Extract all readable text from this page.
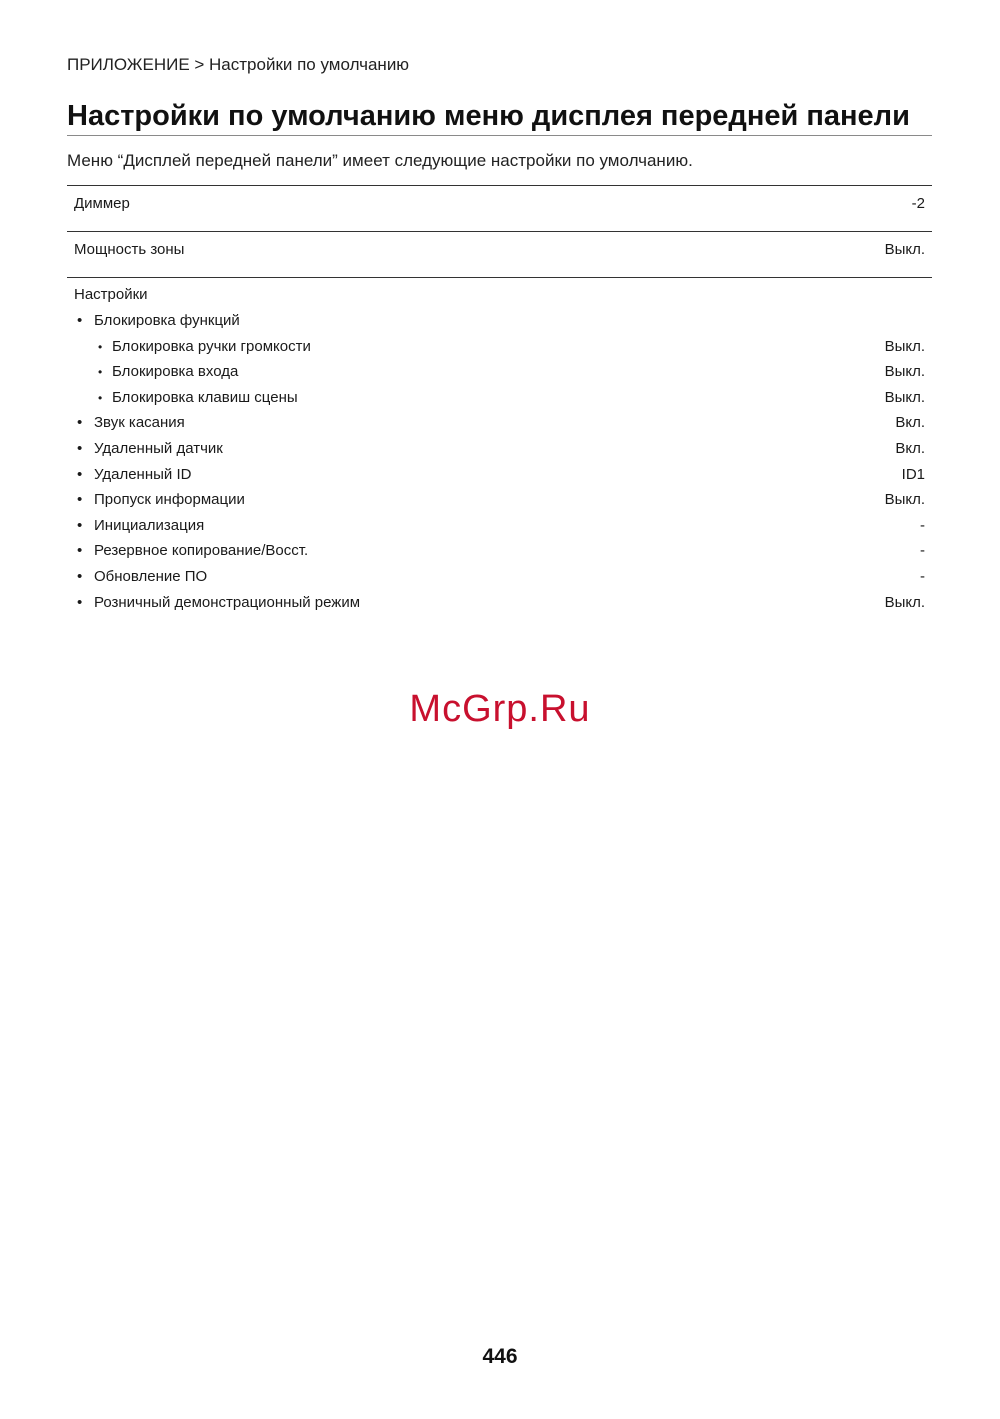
ПРИЛОЖЕНИЕ > Настройки по умолчанию
Настройки по умолчанию меню дисплея передней панели
Меню “Дисплей передней панели” имеет следующие настройки по умолчанию.
Диммер	-2
Мощность зоны	Выкл.
Настройки
• Блокировка функций
• Блокировка ручки громкости	Выкл.
• Блокировка входа	Выкл.
• Блокировка клавиш сцены	Выкл.
• Звук касания	Вкл.
• Удаленный датчик	Вкл.
• Удаленный ID	ID1
• Пропуск информации	Выкл.
• Инициализация	-
• Резервное копирование/Восст.	-
• Обновление ПО	-
• Розничный демонстрационный режим	Выкл.
McGrp.Ru
446
